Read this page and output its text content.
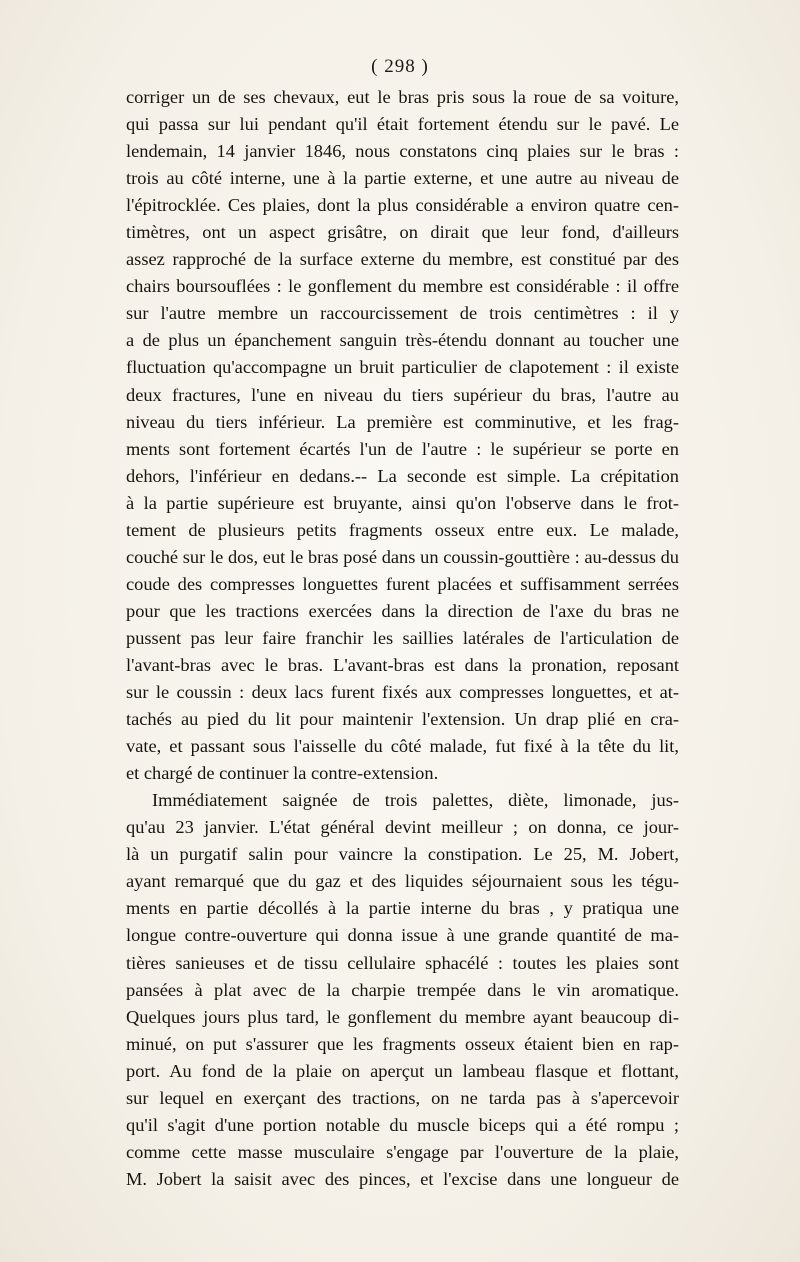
( 298 )
corriger un de ses chevaux, eut le bras pris sous la roue de sa voiture,
qui passa sur lui pendant qu'il était fortement étendu sur le pavé. Le
lendemain, 14 janvier 1846, nous constatons cinq plaies sur le bras :
trois au côté interne, une à la partie externe, et une autre au niveau de
l'épitrocklée. Ces plaies, dont la plus considérable a environ quatre cen-
timètres, ont un aspect grisâtre, on dirait que leur fond, d'ailleurs
assez rapproché de la surface externe du membre, est constitué par des
chairs boursouflées : le gonflement du membre est considérable : il offre
sur l'autre membre un raccourcissement de trois centimètres : il y
a de plus un épanchement sanguin très-étendu donnant au toucher une
fluctuation qu'accompagne un bruit particulier de clapotement : il existe
deux fractures, l'une en niveau du tiers supérieur du bras, l'autre au
niveau du tiers inférieur. La première est comminutive, et les frag-
ments sont fortement écartés l'un de l'autre : le supérieur se porte en
dehors, l'inférieur en dedans.-- La seconde est simple. La crépitation
à la partie supérieure est bruyante, ainsi qu'on l'observe dans le frot-
tement de plusieurs petits fragments osseux entre eux. Le malade,
couché sur le dos, eut le bras posé dans un coussin-gouttière : au-dessus du
coude des compresses longuettes furent placées et suffisamment serrées
pour que les tractions exercées dans la direction de l'axe du bras ne
pussent pas leur faire franchir les saillies latérales de l'articulation de
l'avant-bras avec le bras. L'avant-bras est dans la pronation, reposant
sur le coussin : deux lacs furent fixés aux compresses longuettes, et at-
tachés au pied du lit pour maintenir l'extension. Un drap plié en cra-
vate, et passant sous l'aisselle du côté malade, fut fixé à la tête du lit,
et chargé de continuer la contre-extension.
Immédiatement saignée de trois palettes, diète, limonade, jus-
qu'au 23 janvier. L'état général devint meilleur ; on donna, ce jour-
là un purgatif salin pour vaincre la constipation. Le 25, M. Jobert,
ayant remarqué que du gaz et des liquides séjournaient sous les tégu-
ments en partie décollés à la partie interne du bras , y pratiqua une
longue contre-ouverture qui donna issue à une grande quantité de ma-
tières sanieuses et de tissu cellulaire sphacélé : toutes les plaies sont
pansées à plat avec de la charpie trempée dans le vin aromatique.
Quelques jours plus tard, le gonflement du membre ayant beaucoup di-
minué, on put s'assurer que les fragments osseux étaient bien en rap-
port. Au fond de la plaie on aperçut un lambeau flasque et flottant,
sur lequel en exerçant des tractions, on ne tarda pas à s'apercevoir
qu'il s'agit d'une portion notable du muscle biceps qui a été rompu ;
comme cette masse musculaire s'engage par l'ouverture de la plaie,
M. Jobert la saisit avec des pinces, et l'excise dans une longueur de
